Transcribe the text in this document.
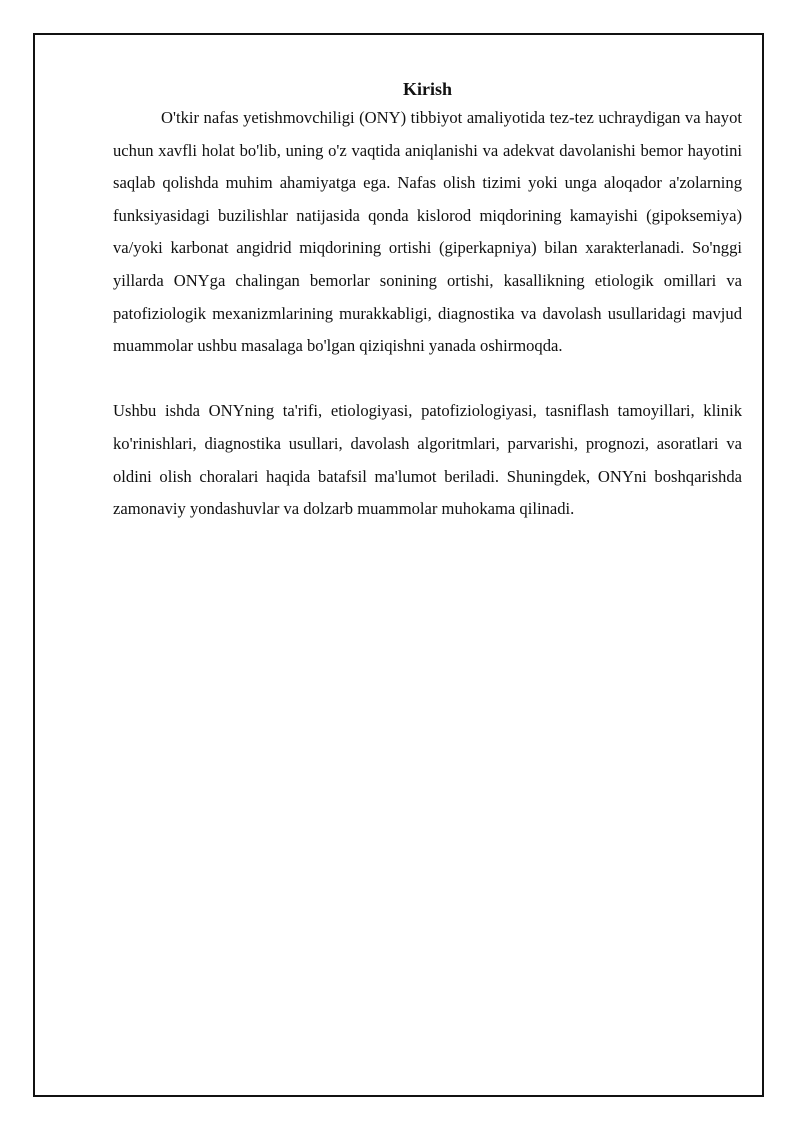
Kirish

O'tkir nafas yetishmovchiligi (ONY) tibbiyot amaliyotida tez-tez uchraydigan va hayot uchun xavfli holat bo'lib, uning o'z vaqtida aniqlanishi va adekvat davolanishi bemor hayotini saqlab qolishda muhim ahamiyatga ega. Nafas olish tizimi yoki unga aloqador a'zolarning funksiyasidagi buzilishlar natijasida qonda kislorod miqdorining kamayishi (gipoksemiya) va/yoki karbonat angidrid miqdorining ortishi (giperkapniya) bilan xarakterlanadi. So'nggi yillarda ONYga chalingan bemorlar sonining ortishi, kasallikning etiologik omillari va patofiziologik mexanizmlarining murakkabligi, diagnostika va davolash usullaridagi mavjud muammolar ushbu masalaga bo'lgan qiziqishni yanada oshirmoqda.

Ushbu ishda ONYning ta'rifi, etiologiyasi, patofiziologiyasi, tasniflash tamoyillari, klinik ko'rinishlari, diagnostika usullari, davolash algoritmlari, parvarishi, prognozi, asoratlari va oldini olish choralari haqida batafsil ma'lumot beriladi. Shuningdek, ONYni boshqarishda zamonaviy yondashuvlar va dolzarb muammolar muhokama qilinadi.
